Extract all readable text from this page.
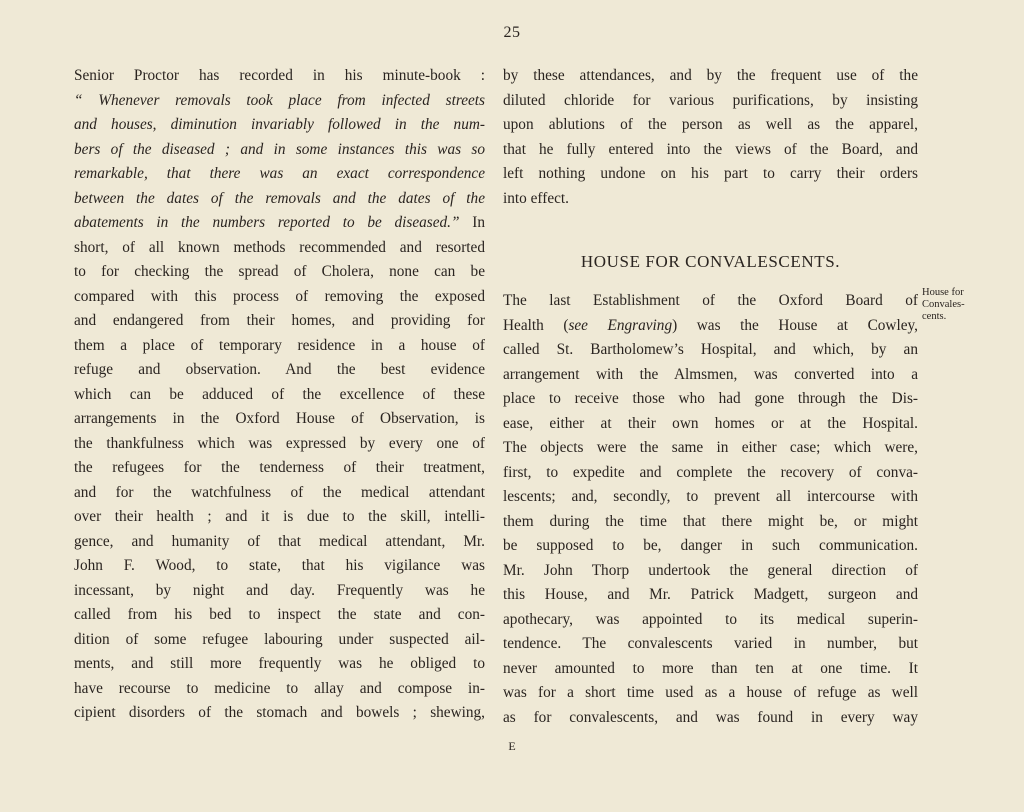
25
Senior Proctor has recorded in his minute-book :
“ Whenever removals took place from infected streets
and houses, diminution invariably followed in the num-
bers of the diseased ; and in some instances this was so
remarkable, that there was an exact correspondence
between the dates of the removals and the dates of the
abatements in the numbers reported to be diseased.” In
short, of all known methods recommended and resorted
to for checking the spread of Cholera, none can be
compared with this process of removing the exposed
and endangered from their homes, and providing for
them a place of temporary residence in a house of
refuge and observation. And the best evidence
which can be adduced of the excellence of these
arrangements in the Oxford House of Observation, is
the thankfulness which was expressed by every one of
the refugees for the tenderness of their treatment,
and for the watchfulness of the medical attendant
over their health ; and it is due to the skill, intelli-
gence, and humanity of that medical attendant, Mr.
John F. Wood, to state, that his vigilance was
incessant, by night and day. Frequently was he
called from his bed to inspect the state and con-
dition of some refugee labouring under suspected ail-
ments, and still more frequently was he obliged to
have recourse to medicine to allay and compose in-
cipient disorders of the stomach and bowels ; shewing,
by these attendances, and by the frequent use of the
diluted chloride for various purifications, by insisting
upon ablutions of the person as well as the apparel,
that he fully entered into the views of the Board, and
left nothing undone on his part to carry their orders
into effect.
HOUSE FOR CONVALESCENTS.
The last Establishment of the Oxford Board of
Health (see Engraving) was the House at Cowley,
called St. Bartholomew’s Hospital, and which, by an
arrangement with the Almsmen, was converted into a
place to receive those who had gone through the Dis-
ease, either at their own homes or at the Hospital.
The objects were the same in either case; which were,
first, to expedite and complete the recovery of conva-
lescents; and, secondly, to prevent all intercourse with
them during the time that there might be, or might
be supposed to be, danger in such communication.
Mr. John Thorp undertook the general direction of
this House, and Mr. Patrick Madgett, surgeon and
apothecary, was appointed to its medical superin-
tendence. The convalescents varied in number, but
never amounted to more than ten at one time. It
was for a short time used as a house of refuge as well
as for convalescents, and was found in every way
House for
Convales-
cents.
E
